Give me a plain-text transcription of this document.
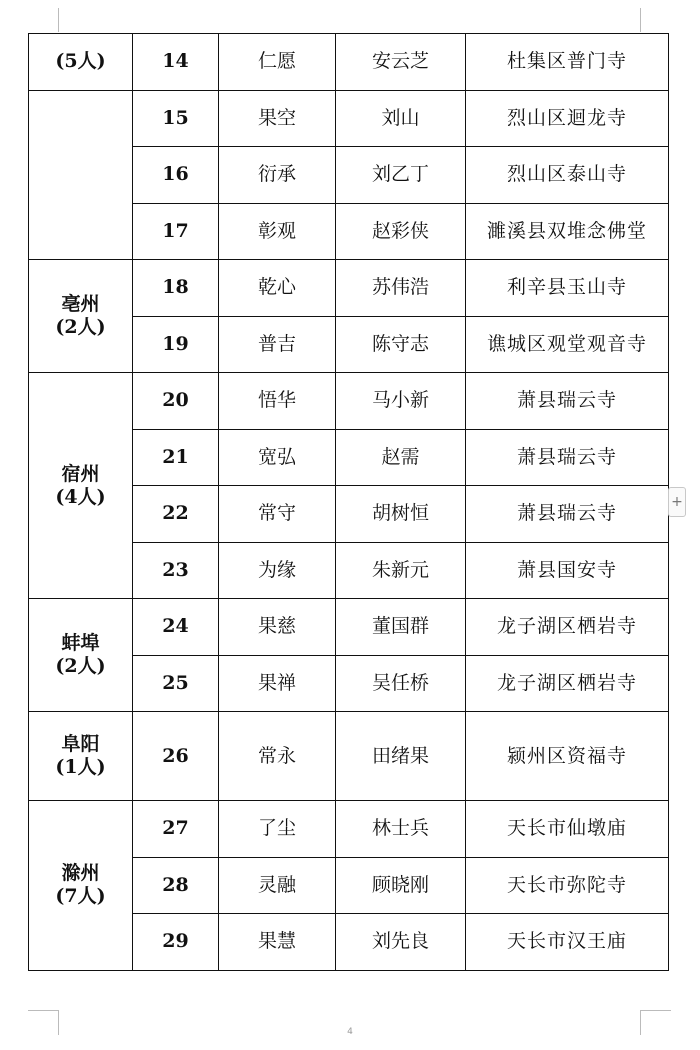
(5人)	14	仁愿	安云芝	杜集区普门寺

	15	果空	刘山	烈山区迴龙寺
	16	衍承	刘乙丁	烈山区泰山寺
	17	彰观	赵彩侠	濉溪县双堆念佛堂

亳州
(2人)	18	乾心	苏伟浩	利辛县玉山寺
	19	普吉	陈守志	谯城区观堂观音寺

宿州
(4人)	20	悟华	马小新	萧县瑞云寺
	21	宽弘	赵需	萧县瑞云寺
	22	常守	胡树恒	萧县瑞云寺
	23	为缘	朱新元	萧县国安寺

蚌埠
(2人)	24	果慈	董国群	龙子湖区栖岩寺
	25	果禅	吴任桥	龙子湖区栖岩寺

阜阳
(1人)	26	常永	田绪果	颍州区资福寺

滁州
(7人)	27	了尘	林士兵	天长市仙墩庙
	28	灵融	顾晓刚	天长市弥陀寺
	29	果慧	刘先良	天长市汉王庙
+
4
